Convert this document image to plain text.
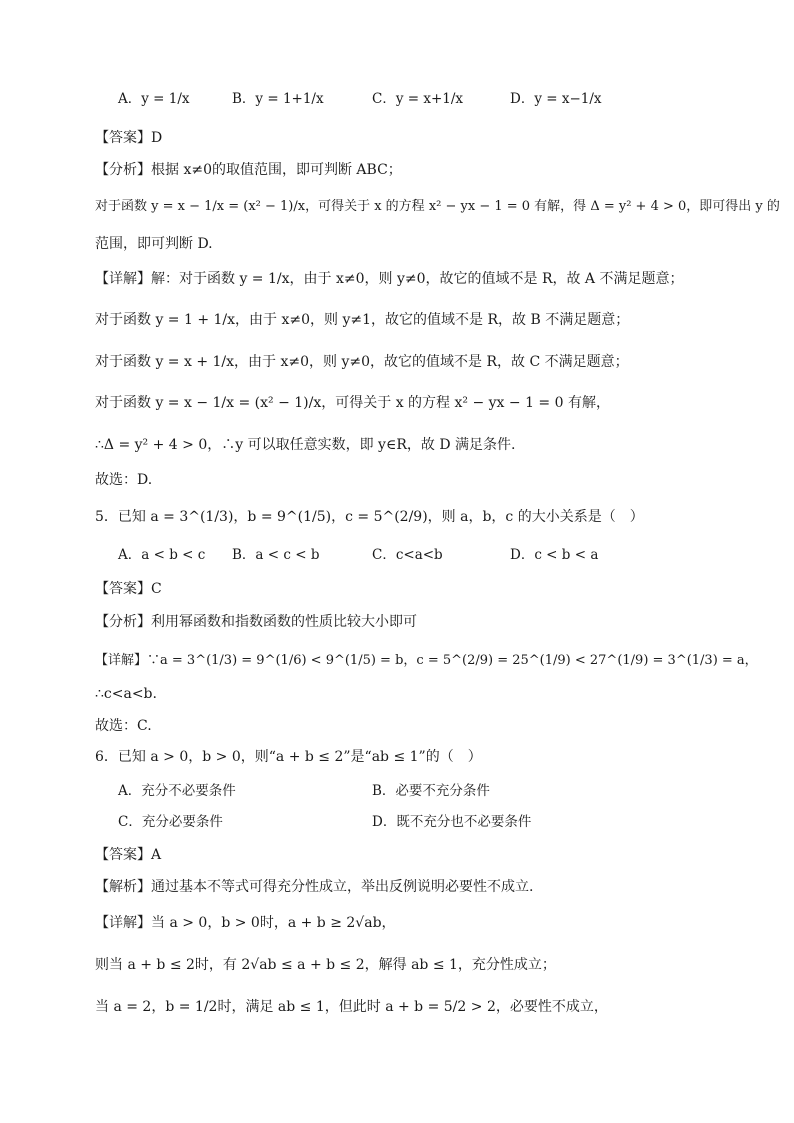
A．y = 1/x	B．y = 1+1/x	C．y = x+1/x	D．y = x−1/x
【答案】D
【分析】根据 x≠0的取值范围，即可判断 ABC；
对于函数 y = x − 1/x = (x² − 1)/x，可得关于 x 的方程 x² − yx − 1 = 0 有解，得 Δ = y² + 4 > 0，即可得出 y 的
范围，即可判断 D.
【详解】解：对于函数 y = 1/x，由于 x≠0，则 y≠0，故它的值域不是 R，故 A 不满足题意；
对于函数 y = 1 + 1/x，由于 x≠0，则 y≠1，故它的值域不是 R，故 B 不满足题意；
对于函数 y = x + 1/x，由于 x≠0，则 y≠0，故它的值域不是 R，故 C 不满足题意；
对于函数 y = x − 1/x = (x² − 1)/x，可得关于 x 的方程 x² − yx − 1 = 0 有解，
∴Δ = y² + 4 > 0，∴y 可以取任意实数，即 y∈R，故 D 满足条件.
故选：D.
5．已知 a = 3^(1/3)，b = 9^(1/5)，c = 5^(2/9)，则 a，b，c 的大小关系是（　）
A．a < b < c B．a < c < b	C．c<a<b	D．c < b < a
【答案】C
【分析】利用幂函数和指数函数的性质比较大小即可
【详解】∵a = 3^(1/3) = 9^(1/6) < 9^(1/5) = b，c = 5^(2/9) = 25^(1/9) < 27^(1/9) = 3^(1/3) = a，
∴c<a<b.
故选：C.
6．已知 a > 0，b > 0，则“a + b ≤ 2”是“ab ≤ 1”的（　）
A．充分不必要条件	B．必要不充分条件
C．充分必要条件	D．既不充分也不必要条件
【答案】A
【解析】通过基本不等式可得充分性成立，举出反例说明必要性不成立.
【详解】当 a > 0，b > 0时，a + b ≥ 2√ab，
则当 a + b ≤ 2时，有 2√ab ≤ a + b ≤ 2，解得 ab ≤ 1，充分性成立；
当 a = 2，b = 1/2时，满足 ab ≤ 1，但此时 a + b = 5/2 > 2，必要性不成立，
